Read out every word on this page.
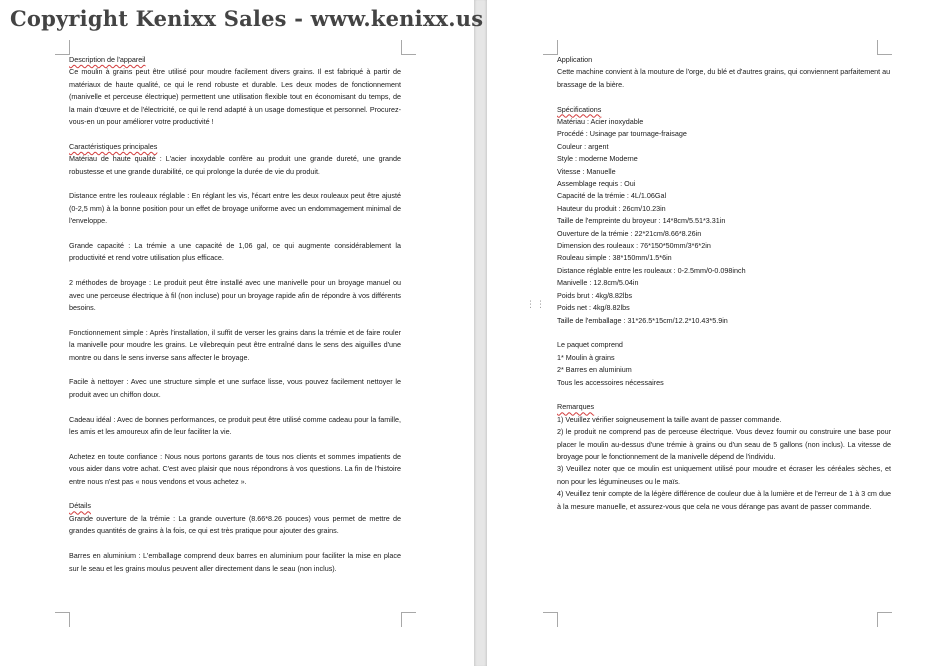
Copyright Kenixx Sales - www.kenixx.us

Description de l'appareil

Ce moulin à grains peut être utilisé pour moudre facilement divers grains. Il est fabriqué à partir de matériaux de haute qualité, ce qui le rend robuste et durable. Les deux modes de fonctionnement (manivelle et perceuse électrique) permettent une utilisation flexible tout en économisant du temps, de la main d'œuvre et de l'électricité, ce qui le rend adapté à un usage domestique et personnel. Procurez-vous-en un pour améliorer votre productivité !

Caractéristiques principales

Matériau de haute qualité : L'acier inoxydable confère au produit une grande dureté, une grande robustesse et une grande durabilité, ce qui prolonge la durée de vie du produit.

Distance entre les rouleaux réglable : En réglant les vis, l'écart entre les deux rouleaux peut être ajusté (0-2,5 mm) à la bonne position pour un effet de broyage uniforme avec un endommagement minimal de l'enveloppe.

Grande capacité : La trémie a une capacité de 1,06 gal, ce qui augmente considérablement la productivité et rend votre utilisation plus efficace.

2 méthodes de broyage : Le produit peut être installé avec une manivelle pour un broyage manuel ou avec une perceuse électrique à fil (non incluse) pour un broyage rapide afin de répondre à vos différents besoins.

Fonctionnement simple : Après l'installation, il suffit de verser les grains dans la trémie et de faire rouler la manivelle pour moudre les grains. Le vilebrequin peut être entraîné dans le sens des aiguilles d'une montre ou dans le sens inverse sans affecter le broyage.

Facile à nettoyer : Avec une structure simple et une surface lisse, vous pouvez facilement nettoyer le produit avec un chiffon doux.

Cadeau idéal : Avec de bonnes performances, ce produit peut être utilisé comme cadeau pour la famille, les amis et les amoureux afin de leur faciliter la vie.

Achetez en toute confiance : Nous nous portons garants de tous nos clients et sommes impatients de vous aider dans votre achat. C'est avec plaisir que nous répondrons à vos questions. La fin de l'histoire entre nous n'est pas « nous vendons et vous achetez ».

Détails

Grande ouverture de la trémie : La grande ouverture (8.66*8.26 pouces) vous permet de mettre de grandes quantités de grains à la fois, ce qui est très pratique pour ajouter des grains.

Barres en aluminium : L'emballage comprend deux barres en aluminium pour faciliter la mise en place sur le seau et les grains moulus peuvent aller directement dans le seau (non inclus).

Application

Cette machine convient à la mouture de l'orge, du blé et d'autres grains, qui conviennent parfaitement au brassage de la bière.

Spécifications

Matériau : Acier inoxydable
Procédé : Usinage par tournage-fraisage
Couleur : argent
Style : moderne Moderne
Vitesse : Manuelle
Assemblage requis : Oui
Capacité de la trémie : 4L/1.06Gal
Hauteur du produit : 26cm/10.23in
Taille de l'empreinte du broyeur : 14*8cm/5.51*3.31in
Ouverture de la trémie : 22*21cm/8.66*8.26in
Dimension des rouleaux : 76*150*50mm/3*6*2in
Rouleau simple : 38*150mm/1.5*6in
Distance réglable entre les rouleaux : 0-2.5mm/0-0.098inch
Manivelle : 12.8cm/5.04in
Poids brut : 4kg/8.82lbs
Poids net : 4kg/8.82lbs
Taille de l'emballage : 31*26.5*15cm/12.2*10.43*5.9in

Le paquet comprend

1* Moulin à grains
2* Barres en aluminium
Tous les accessoires nécessaires

Remarques

1) Veuillez vérifier soigneusement la taille avant de passer commande.
2) le produit ne comprend pas de perceuse électrique. Vous devez fournir ou construire une base pour placer le moulin au-dessus d'une trémie à grains ou d'un seau de 5 gallons (non inclus). La vitesse de broyage pour le fonctionnement de la manivelle dépend de l'individu.
3) Veuillez noter que ce moulin est uniquement utilisé pour moudre et écraser les céréales sèches, et non pour les légumineuses ou le maïs.
4) Veuillez tenir compte de la légère différence de couleur due à la lumière et de l'erreur de 1 à 3 cm due à la mesure manuelle, et assurez-vous que cela ne vous dérange pas avant de passer commande.

⋮⋮
